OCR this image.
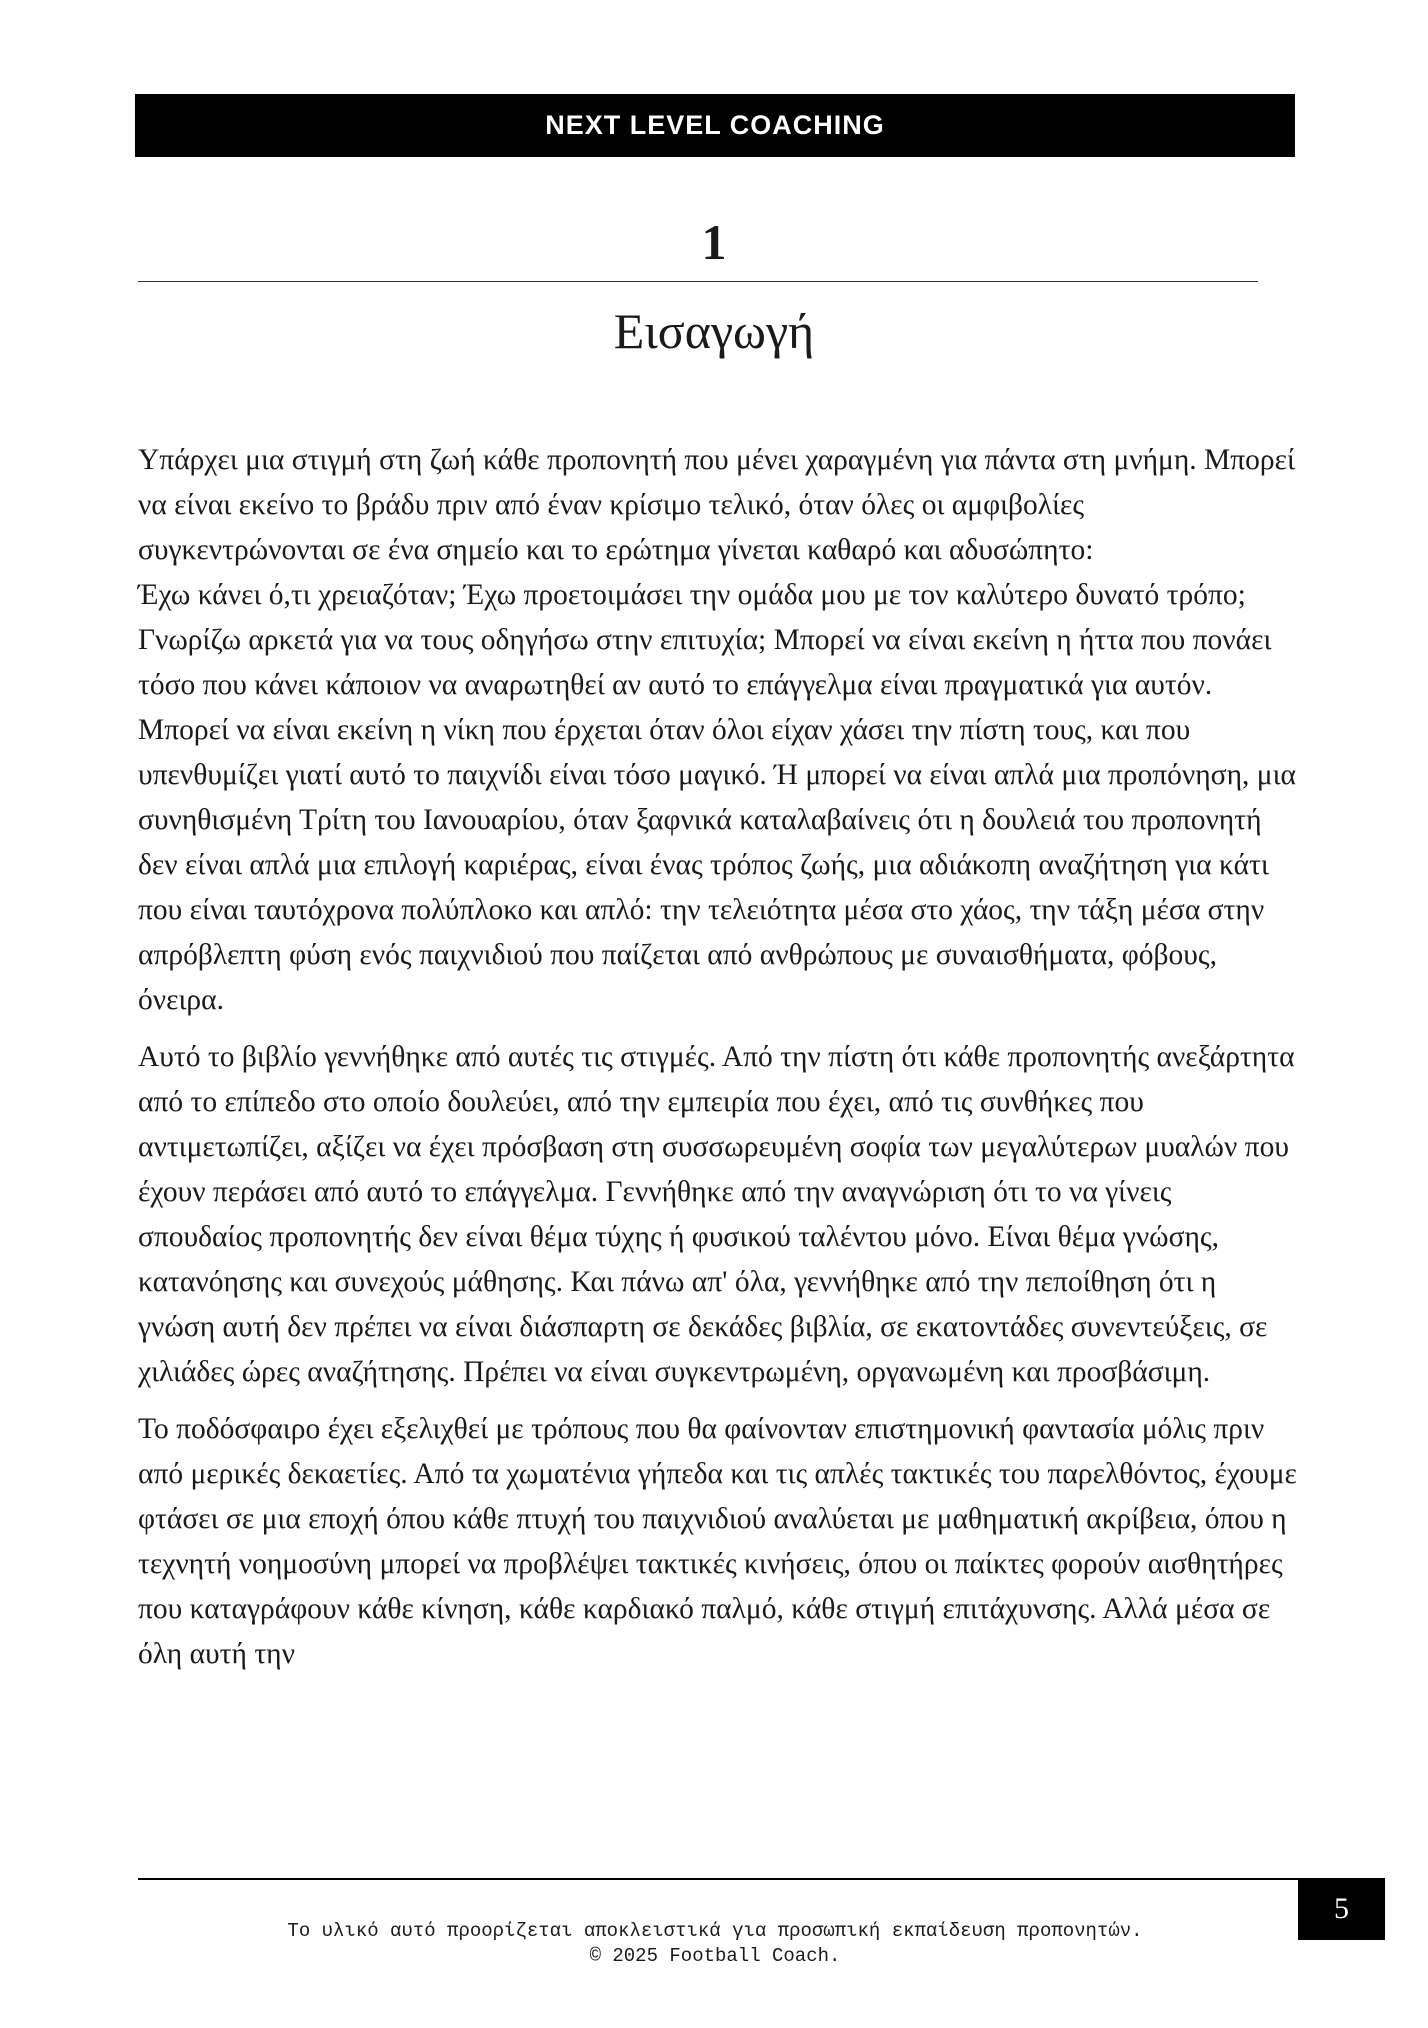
NEXT LEVEL COACHING
1
Εισαγωγή

Υπάρχει μια στιγμή στη ζωή κάθε προπονητή που μένει χαραγμένη για πάντα στη μνήμη. Μπορεί να είναι εκείνο το βράδυ πριν από έναν κρίσιμο τελικό, όταν όλες οι αμφιβολίες συγκεντρώνονται σε ένα σημείο και το ερώτημα γίνεται καθαρό και αδυσώπητο:

Έχω κάνει ό,τι χρειαζόταν; Έχω προετοιμάσει την ομάδα μου με τον καλύτερο δυνατό τρόπο; Γνωρίζω αρκετά για να τους οδηγήσω στην επιτυχία; Μπορεί να είναι εκείνη η ήττα που πονάει τόσο που κάνει κάποιον να αναρωτηθεί αν αυτό το επάγγελμα είναι πραγματικά για αυτόν. Μπορεί να είναι εκείνη η νίκη που έρχεται όταν όλοι είχαν χάσει την πίστη τους, και που υπενθυμίζει γιατί αυτό το παιχνίδι είναι τόσο μαγικό. Ή μπορεί να είναι απλά μια προπόνηση, μια συνηθισμένη Τρίτη του Ιανουαρίου, όταν ξαφνικά καταλαβαίνεις ότι η δουλειά του προπονητή δεν είναι απλά μια επιλογή καριέρας, είναι ένας τρόπος ζωής, μια αδιάκοπη αναζήτηση για κάτι που είναι ταυτόχρονα πολύπλοκο και απλό: την τελειότητα μέσα στο χάος, την τάξη μέσα στην απρόβλεπτη φύση ενός παιχνιδιού που παίζεται από ανθρώπους με συναισθήματα, φόβους, όνειρα.

Αυτό το βιβλίο γεννήθηκε από αυτές τις στιγμές. Από την πίστη ότι κάθε προπονητής ανεξάρτητα από το επίπεδο στο οποίο δουλεύει, από την εμπειρία που έχει, από τις συνθήκες που αντιμετωπίζει, αξίζει να έχει πρόσβαση στη συσσωρευμένη σοφία των μεγαλύτερων μυαλών που έχουν περάσει από αυτό το επάγγελμα. Γεννήθηκε από την αναγνώριση ότι το να γίνεις σπουδαίος προπονητής δεν είναι θέμα τύχης ή φυσικού ταλέντου μόνο. Είναι θέμα γνώσης, κατανόησης και συνεχούς μάθησης. Και πάνω απ' όλα, γεννήθηκε από την πεποίθηση ότι η γνώση αυτή δεν πρέπει να είναι διάσπαρτη σε δεκάδες βιβλία, σε εκατοντάδες συνεντεύξεις, σε χιλιάδες ώρες αναζήτησης. Πρέπει να είναι συγκεντρωμένη, οργανωμένη και προσβάσιμη.

Το ποδόσφαιρο έχει εξελιχθεί με τρόπους που θα φαίνονταν επιστημονική φαντασία μόλις πριν από μερικές δεκαετίες. Από τα χωματένια γήπεδα και τις απλές τακτικές του παρελθόντος, έχουμε φτάσει σε μια εποχή όπου κάθε πτυχή του παιχνιδιού αναλύεται με μαθηματική ακρίβεια, όπου η τεχνητή νοημοσύνη μπορεί να προβλέψει τακτικές κινήσεις, όπου οι παίκτες φορούν αισθητήρες που καταγράφουν κάθε κίνηση, κάθε καρδιακό παλμό, κάθε στιγμή επιτάχυνσης. Αλλά μέσα σε όλη αυτή την

5
Το υλικό αυτό προορίζεται αποκλειστικά για προσωπική εκπαίδευση προπονητών.
© 2025 Football Coach.
